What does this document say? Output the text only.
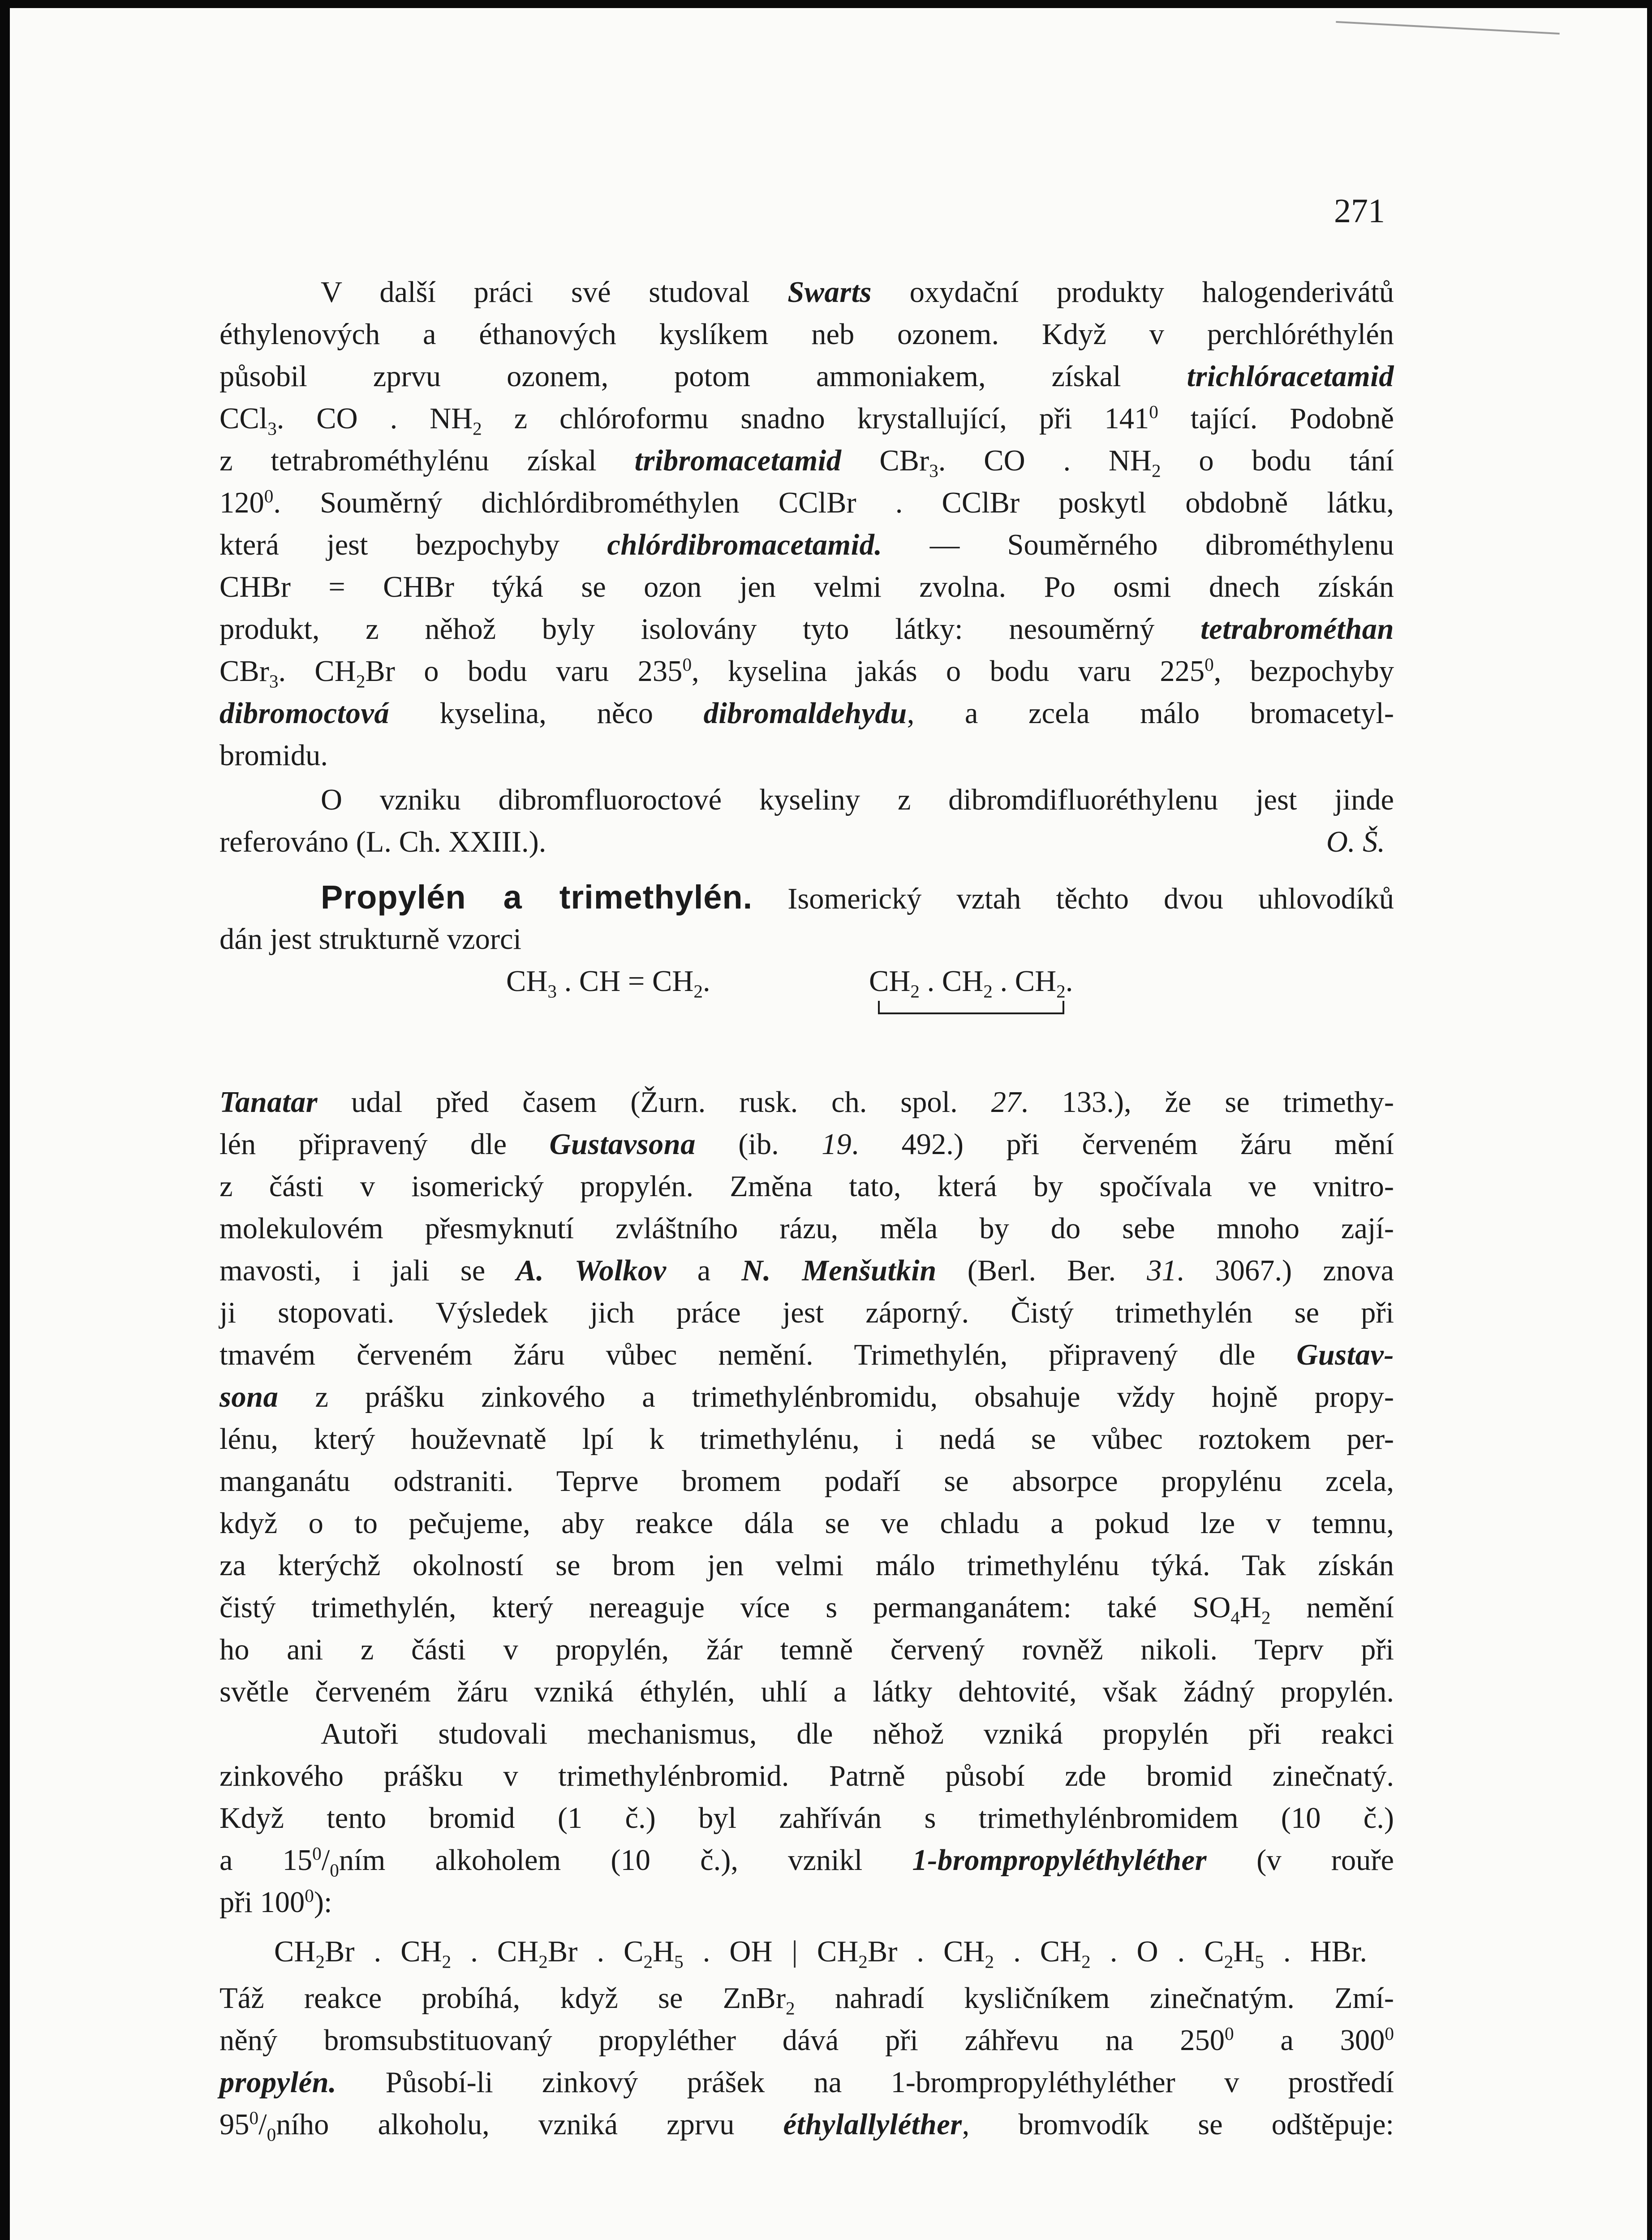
271
V další práci své studoval Swarts oxydační produkty halogenderivátů
éthylenových a éthanových kyslíkem neb ozonem. Když v perchlóréthylén
působil zprvu ozonem, potom ammoniakem, získal trichlóracetamid
CCl$_3$. CO . $NH_2$ z chlóroformu snadno krystallující, při $141^0$ tající. Podobně
z tetrabrométhylénu získal tribromacetamid CBr$_3$. CO . $NH_2$ o bodu tání
$120^0$. Souměrný dichlórdibrométhylen CClBr . CClBr poskytl obdobně látku,
která jest bezpochyby chlórdibromacetamid. — Souměrného dibrométhylenu
CHBr = CHBr týká se ozon jen velmi zvolna. Po osmi dnech získán
produkt, z něhož byly isolovány tyto látky: nesouměrný tetrabrométhan
CBr$_3$. $CH_2Br$ o bodu varu $235^0$, kyselina jakás o bodu varu $225^0$, bezpochyby
dibromoctová kyselina, něco dibromaldehydu, a zcela málo bromacetyl-
bromidu.
O vzniku dibromfluoroctové kyseliny z dibromdifluoréthylenu jest jinde
referováno (L. Ch. XXIII.).	O. Š.
Propylén a trimethylén. Isomerický vztah těchto dvou uhlovodíků
dán jest strukturně vzorci
$CH_3$ . CH = $CH_2$.	$CH_2$ . $CH_2$ . $CH_2$.
Tanatar udal před časem (Žurn. rusk. ch. spol. 27. 133.), že se trimethy-
lén připravený dle Gustavsona (ib. 19. 492.) při červeném žáru mění
z části v isomerický propylén. Změna tato, která by spočívala ve vnitro-
molekulovém přesmyknutí zvláštního rázu, měla by do sebe mnoho zají-
mavosti, i jali se A. Wolkov a N. Menšutkin (Berl. Ber. 31. 3067.) znova
ji stopovati. Výsledek jich práce jest záporný. Čistý trimethylén se při
tmavém červeném žáru vůbec nemění. Trimethylén, připravený dle Gustav-
sona z prášku zinkového a trimethylénbromidu, obsahuje vždy hojně propy-
lénu, který houževnatě lpí k trimethylénu, i nedá se vůbec roztokem per-
manganátu odstraniti. Teprve bromem podaří se absorpce propylénu zcela,
když o to pečujeme, aby reakce dála se ve chladu a pokud lze v temnu,
za kterýchž okolností se brom jen velmi málo trimethylénu týká. Tak získán
čistý trimethylén, který nereaguje více s permanganátem: také $SO_4H_2$ nemění
ho ani z části v propylén, žár temně červený rovněž nikoli. Teprv při
světle červeném žáru vzniká éthylén, uhlí a látky dehtovité, však žádný propylén.
Autoři studovali mechanismus, dle něhož vzniká propylén při reakci
zinkového prášku v trimethylénbromid. Patrně působí zde bromid zinečnatý.
Když tento bromid (1 č.) byl zahříván s trimethylénbromidem (10 č.)
a $15^0/_0ním$ alkoholem (10 č.), vznikl 1-brompropyléthyléther (v rouře
při $100^0$):
$CH_2Br$ . $CH_2$ . $CH_2Br$ . $C_2H_5$ . OH | $CH_2Br$ . $CH_2$ . $CH_2$ . O . $C_2H_5$ . HBr.
Táž reakce probíhá, když se ZnBr$_2$ nahradí kysličníkem zinečnatým. Zmí-
něný bromsubstituovaný propyléther dává při záhřevu na $250^0$ a $300^0$
propylén. Působí-li zinkový prášek na 1-brompropyléthyléther v prostředí
$95^0/_0ního$ alkoholu, vzniká zprvu éthylallyléther, bromvodík se odštěpuje:
